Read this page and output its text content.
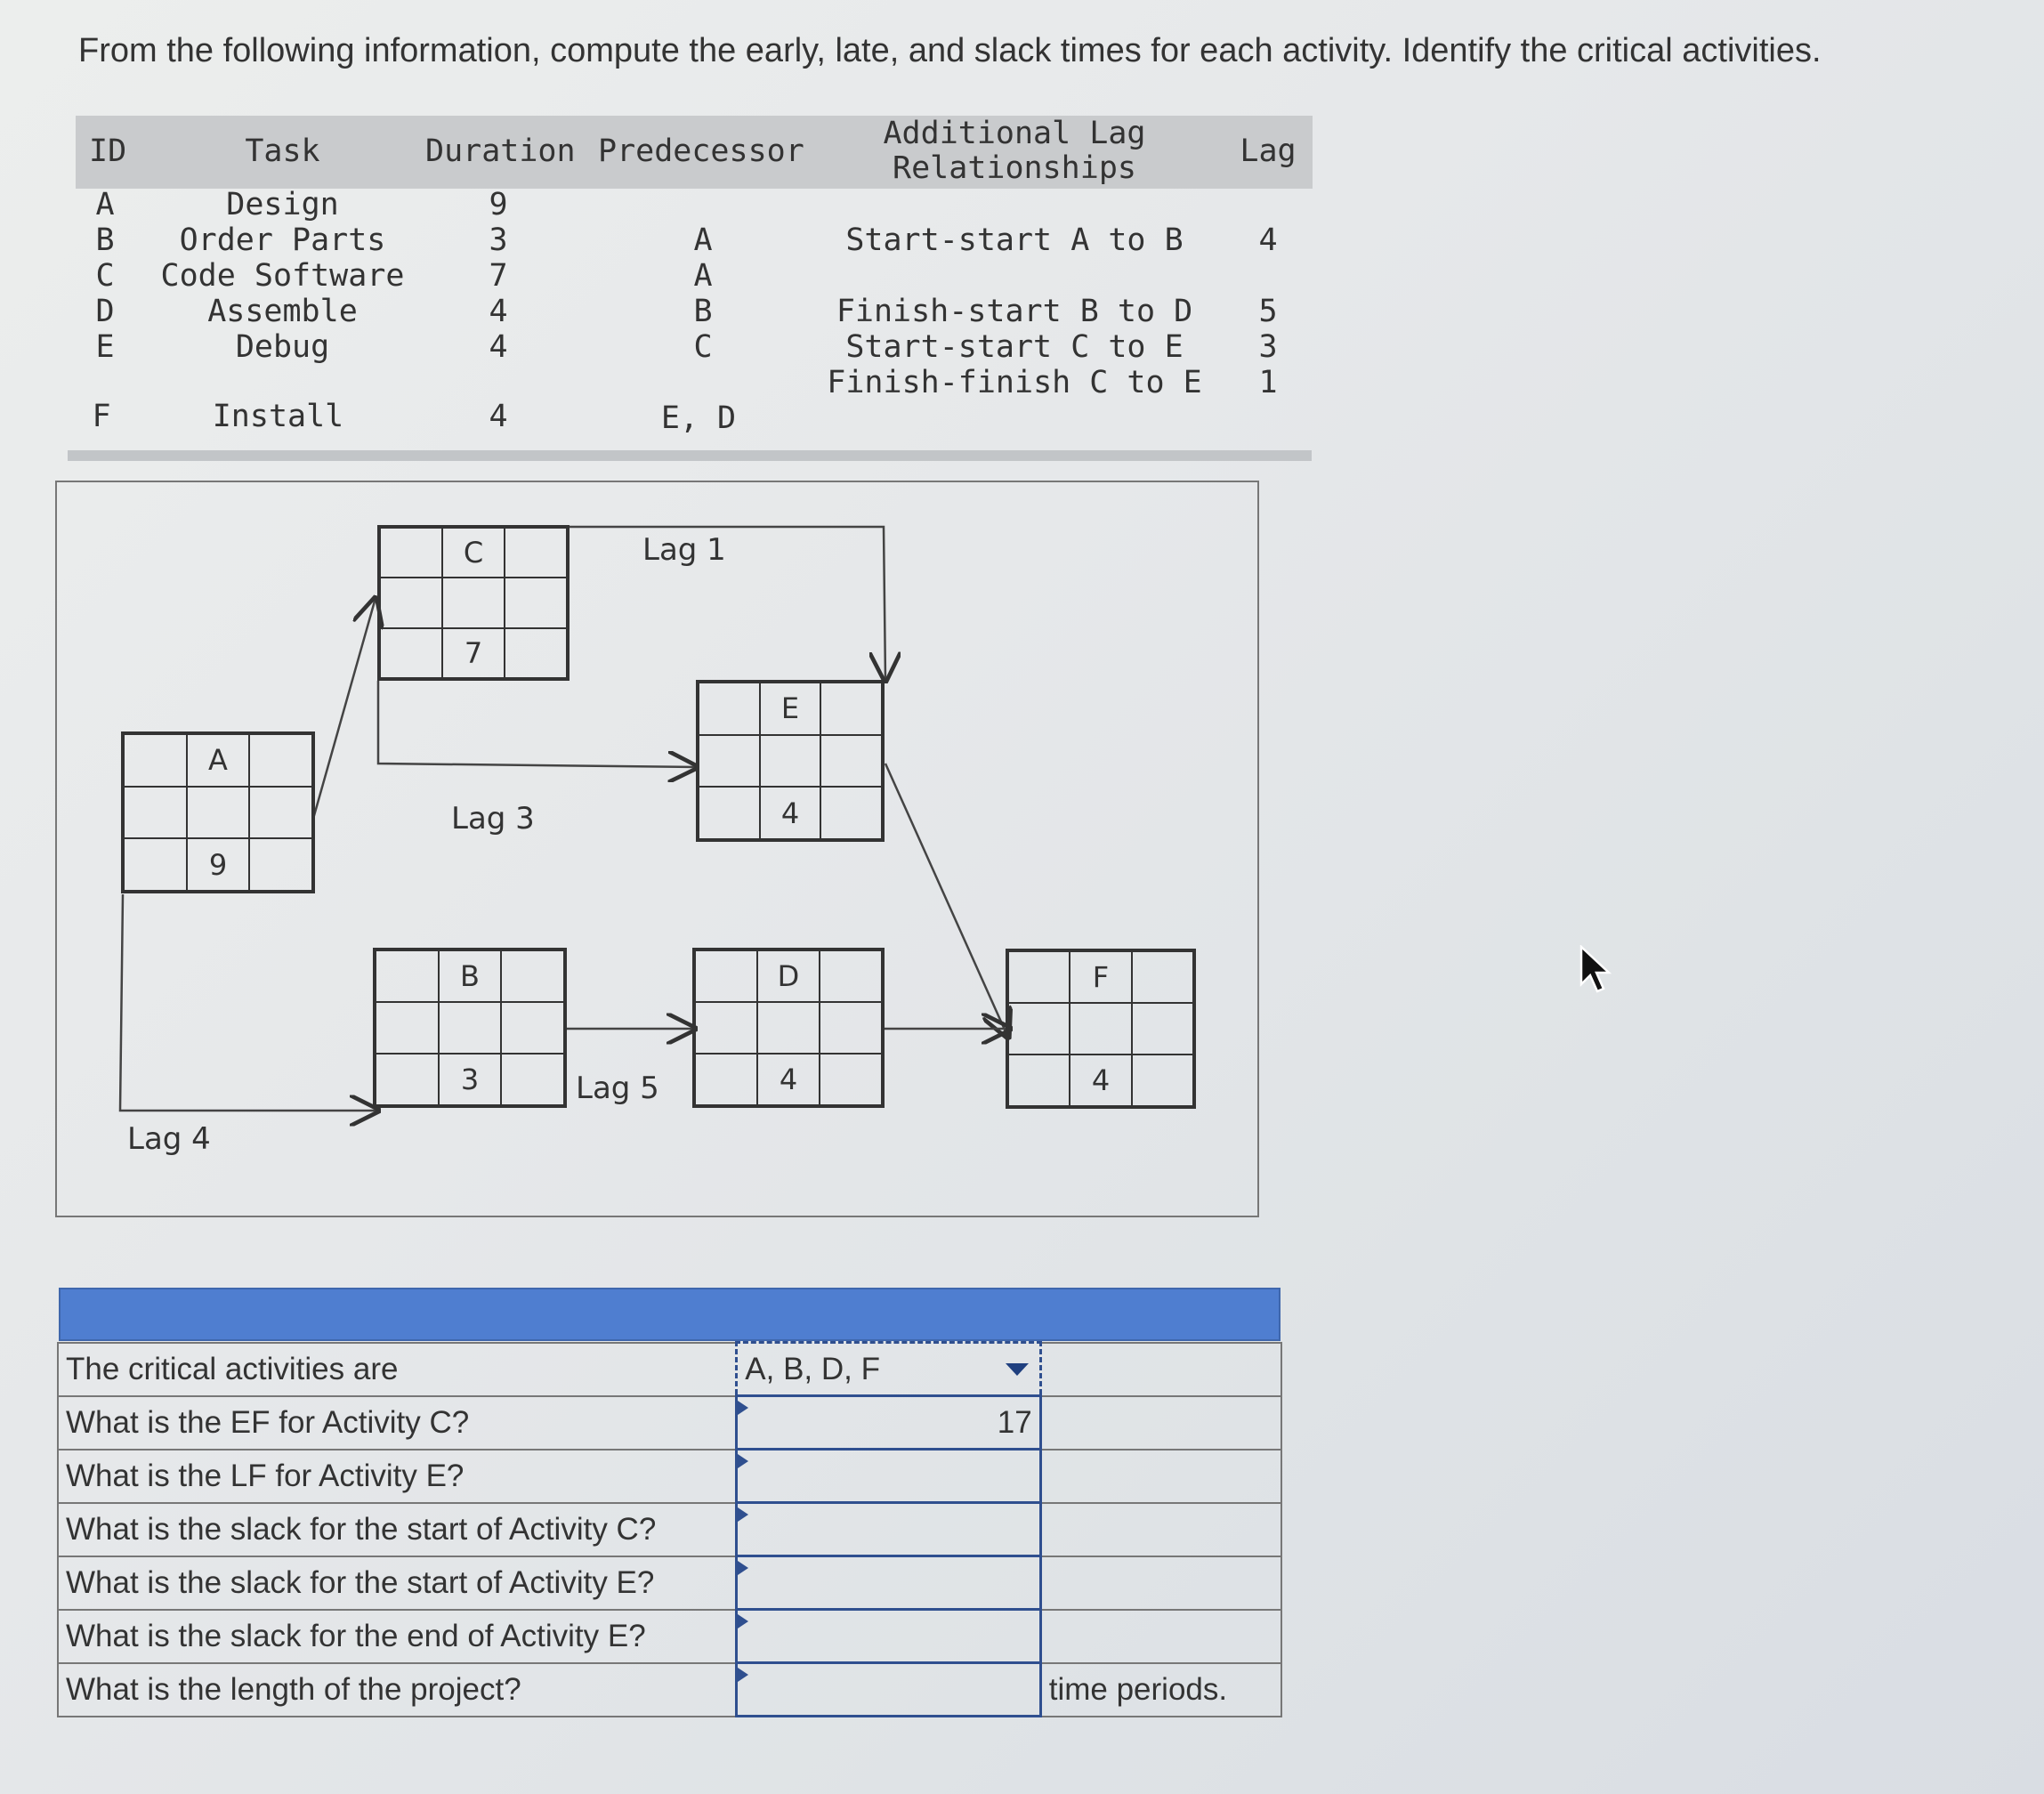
From the following information, compute the early, late, and slack times for each activity. Identify the critical activities.
ID	Task	Duration Predecessor	Additional Lag
Relationships	Lag
A	Design	9
B	Order Parts	3	A	Start-start A to B	4
C	Code Software	7	A
D	Assemble	4	B	Finish-start B to D	5
E	Debug	4	C	Start-start C to E	3
Finish-finish C to E	1
F	Install	4	E, D
C
7
A
9
E
4
B
3
D
4
F
4
Lag 1
Lag 3
Lag 4
Lag 5
The critical activities are	A, B, D, F

What is the EF for Activity C?	17	
What is the LF for Activity E?	

What is the slack for the start of Activity C?	

What is the slack for the start of Activity E?	

What is the slack for the end of Activity E?	

What is the length of the project?		time periods.
